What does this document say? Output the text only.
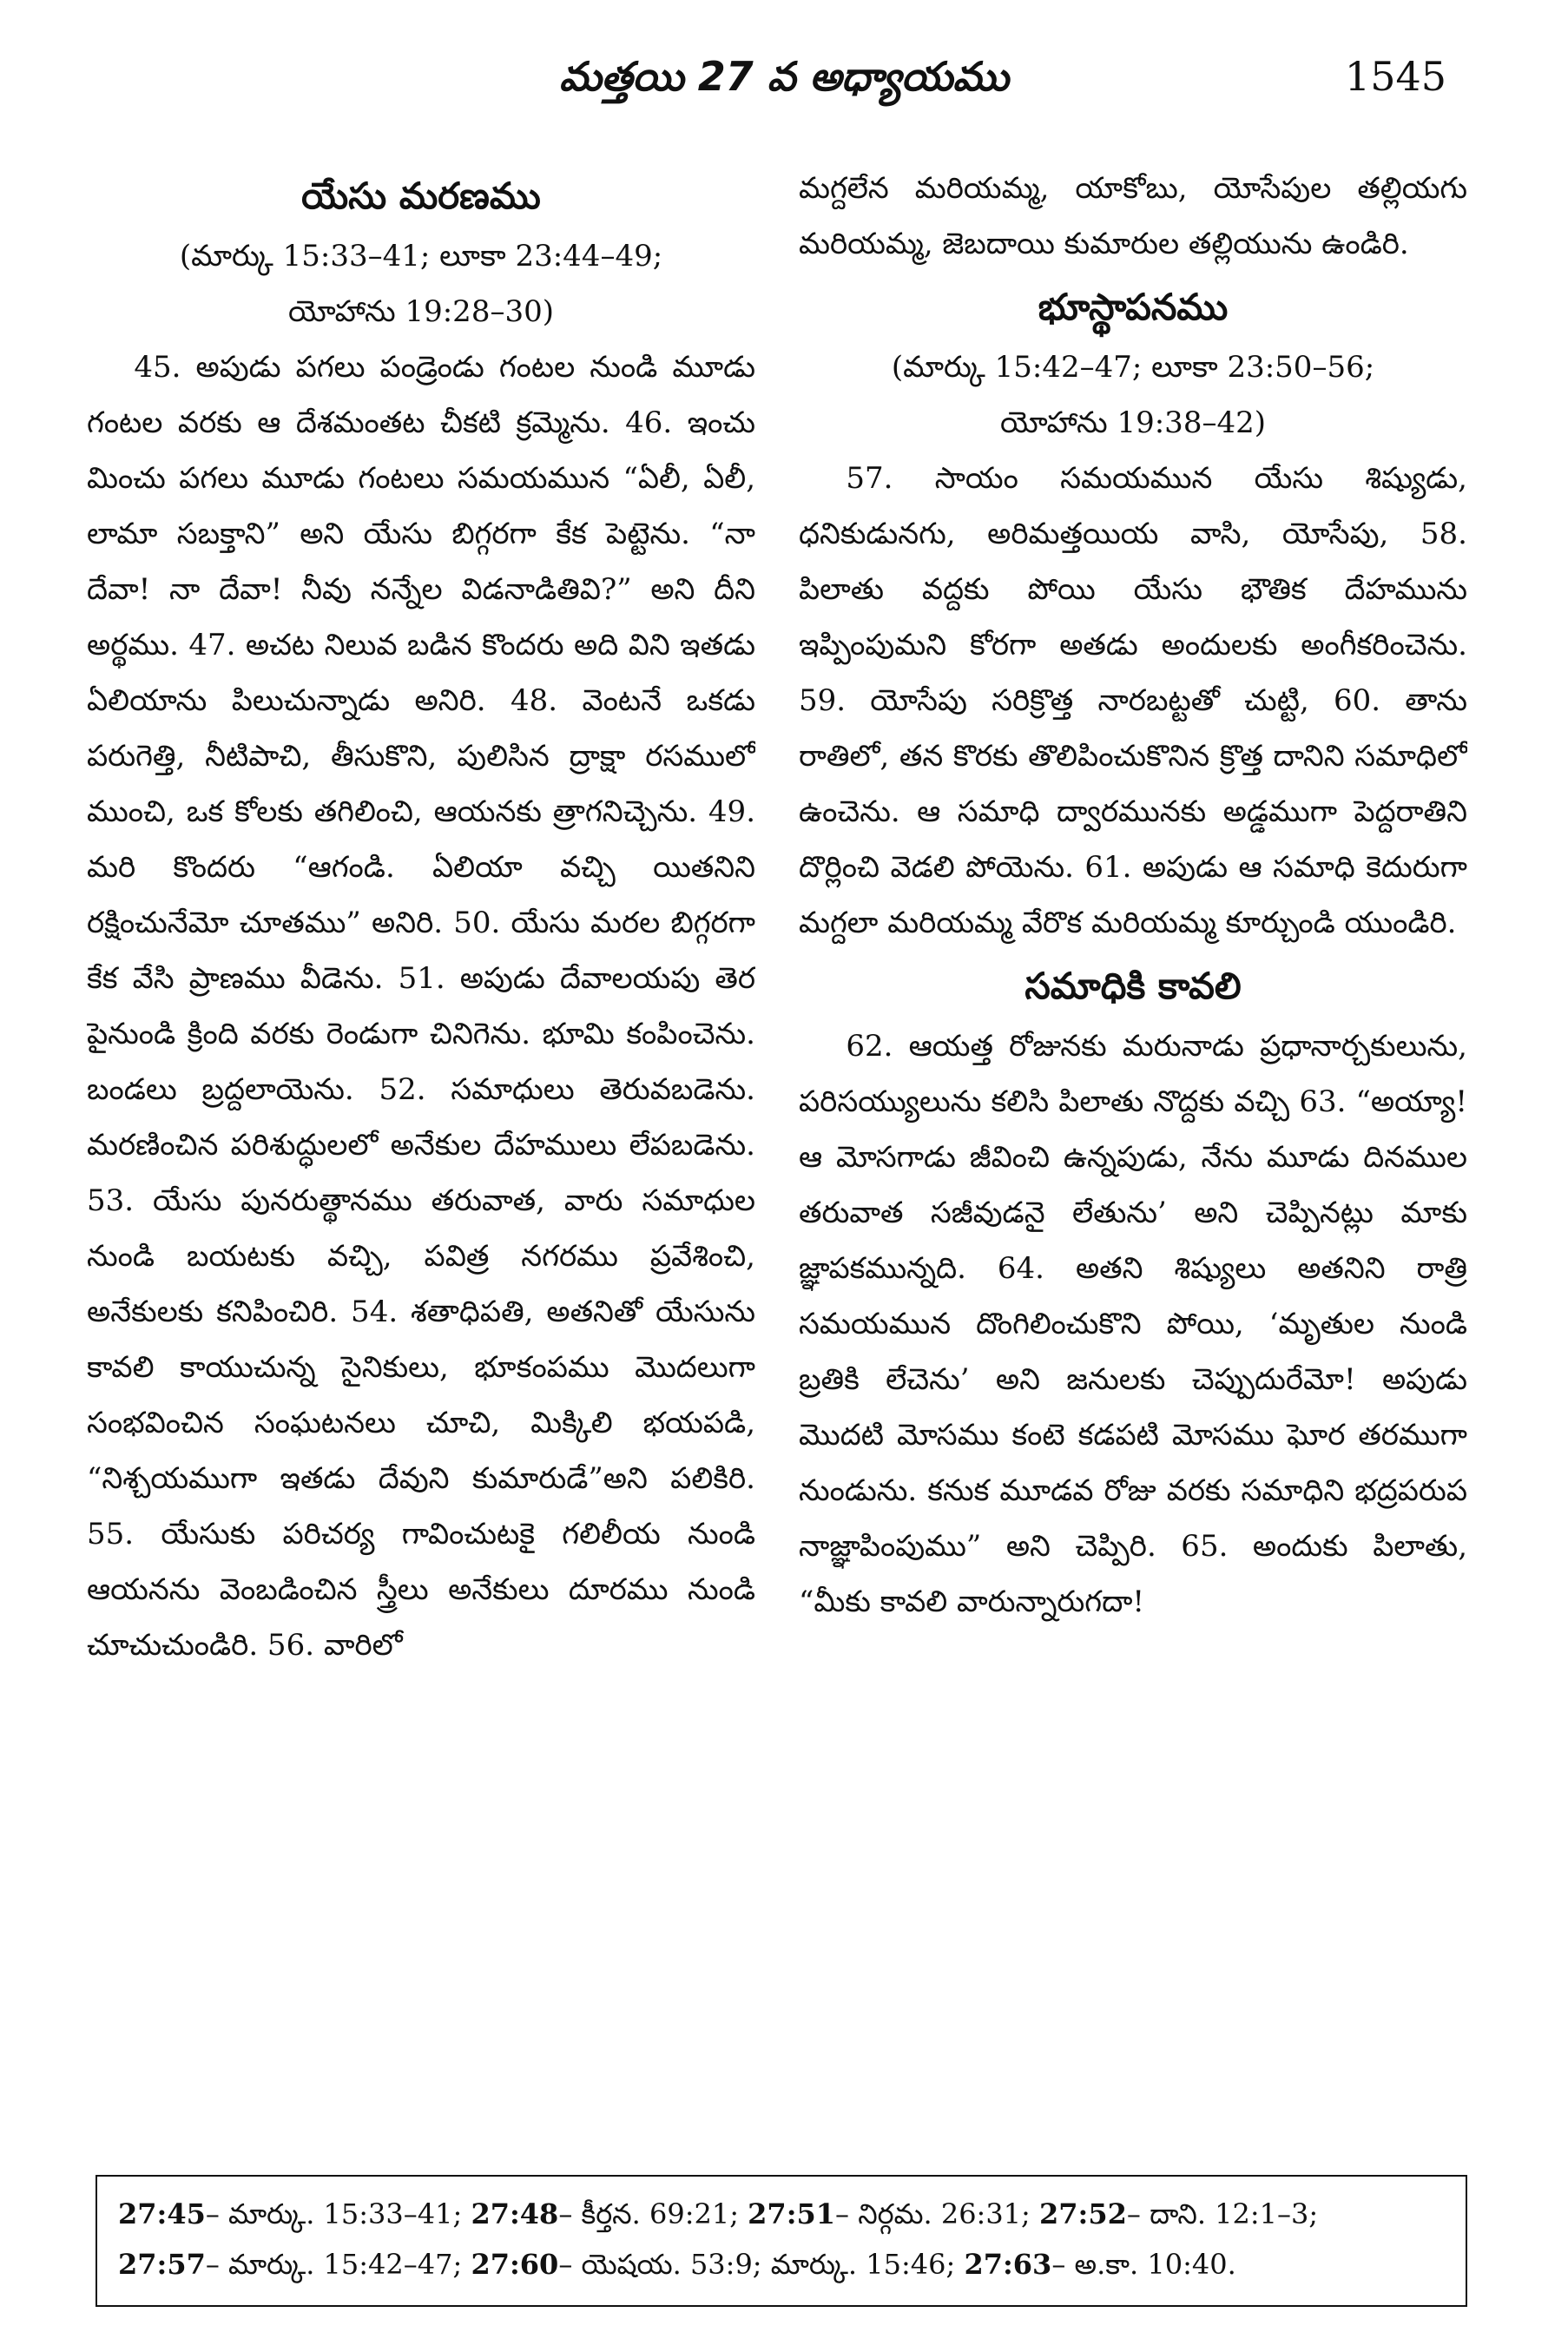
మత్తయి 27 వ అధ్యాయము	1545
యేసు మరణము
(మార్కు 15:33–41; లూకా 23:44–49;
యోహాను 19:28–30)

45. అపుడు పగలు పండ్రెండు గంటల నుండి మూడు గంటల వరకు ఆ దేశమంతట చీకటి క్రమ్మెను. 46. ఇంచు మించు పగలు మూడు గంటలు సమయమున “ఏలీ, ఏలీ, లామా సబక్తాని” అని యేసు బిగ్గరగా కేక పెట్టెను. “నా దేవా! నా దేవా! నీవు నన్నేల విడనాడితివి?” అని దీని అర్థము. 47. అచట నిలువ బడిన కొందరు అది విని ఇతడు ఏలియాను పిలుచున్నాడు అనిరి. 48. వెంటనే ఒకడు పరుగెత్తి, నీటిపాచి, తీసుకొని, పులిసిన ద్రాక్షా రసములో ముంచి, ఒక కోలకు తగిలించి, ఆయనకు త్రాగనిచ్చెను. 49. మరి కొందరు “ఆగండి. ఏలియా వచ్చి యితనిని రక్షించునేమో చూతము” అనిరి. 50. యేసు మరల బిగ్గరగా కేక వేసి ప్రాణము వీడెను. 51. అపుడు దేవాలయపు తెర పైనుండి క్రింది వరకు రెండుగా చినిగెను. భూమి కంపించెను. బండలు బ్రద్దలాయెను. 52. సమాధులు తెరువబడెను. మరణించిన పరిశుద్ధులలో అనేకుల దేహములు లేపబడెను. 53. యేసు పునరుత్థానము తరువాత, వారు సమాధుల నుండి బయటకు వచ్చి, పవిత్ర నగరము ప్రవేశించి, అనేకులకు కనిపించిరి. 54. శతాధిపతి, అతనితో యేసును కావలి కాయుచున్న సైనికులు, భూకంపము మొదలుగా సంభవించిన సంఘటనలు చూచి, మిక్కిలి భయపడి, “నిశ్చయముగా ఇతడు దేవుని కుమారుడే”అని పలికిరి. 55. యేసుకు పరిచర్య గావించుటకై గలిలీయ నుండి ఆయనను వెంబడించిన స్త్రీలు అనేకులు దూరము నుండి చూచుచుండిరి. 56. వారిలో

మగ్దలేన మరియమ్మ, యాకోబు, యోసేపుల తల్లియగు మరియమ్మ, జెబదాయి కుమారుల తల్లియును ఉండిరి.

భూస్థాపనము
(మార్కు 15:42–47; లూకా 23:50–56;
యోహాను 19:38–42)

57. సాయం సమయమున యేసు శిష్యుడు, ధనికుడునగు, అరిమత్తయియ వాసి, యోసేపు, 58. పిలాతు వద్దకు పోయి యేసు భౌతిక దేహమును ఇప్పింపుమని కోరగా అతడు అందులకు అంగీకరించెను. 59. యోసేపు సరిక్రొత్త నారబట్టతో చుట్టి, 60. తాను రాతిలో, తన కొరకు తొలిపించుకొనిన క్రొత్త దానిని సమాధిలో ఉంచెను. ఆ సమాధి ద్వారమునకు అడ్డముగా పెద్దరాతిని దొర్లించి వెడలి పోయెను. 61. అపుడు ఆ సమాధి కెదురుగా మగ్దలా మరియమ్మ వేరొక మరియమ్మ కూర్చుండి యుండిరి.

సమాధికి కావలి

62. ఆయత్త రోజునకు మరునాడు ప్రధానార్చకులును, పరిసయ్యులును కలిసి పిలాతు నొద్దకు వచ్చి 63. “అయ్యా! ఆ మోసగాడు జీవించి ఉన్నపుడు, నేను మూడు దినముల తరువాత సజీవుడనై లేతును’ అని చెప్పినట్లు మాకు జ్ఞాపకమున్నది. 64. అతని శిష్యులు అతనిని రాత్రి సమయమున దొంగిలించుకొని పోయి, ‘మృతుల నుండి బ్రతికి లేచెను’ అని జనులకు చెప్పుదురేమో! అపుడు మొదటి మోసము కంటె కడపటి మోసము ఘోర తరముగా నుండును. కనుక మూడవ రోజు వరకు సమాధిని భద్రపరుప నాజ్ఞాపింపుము” అని చెప్పిరి. 65. అందుకు పిలాతు, “మీకు కావలి వారున్నారుగదా!

27:45– మార్కు. 15:33–41; 27:48– కీర్తన. 69:21; 27:51– నిర్గమ. 26:31; 27:52– దాని. 12:1–3;
27:57– మార్కు. 15:42–47; 27:60– యెషయ. 53:9; మార్కు. 15:46; 27:63– అ.కా. 10:40.
